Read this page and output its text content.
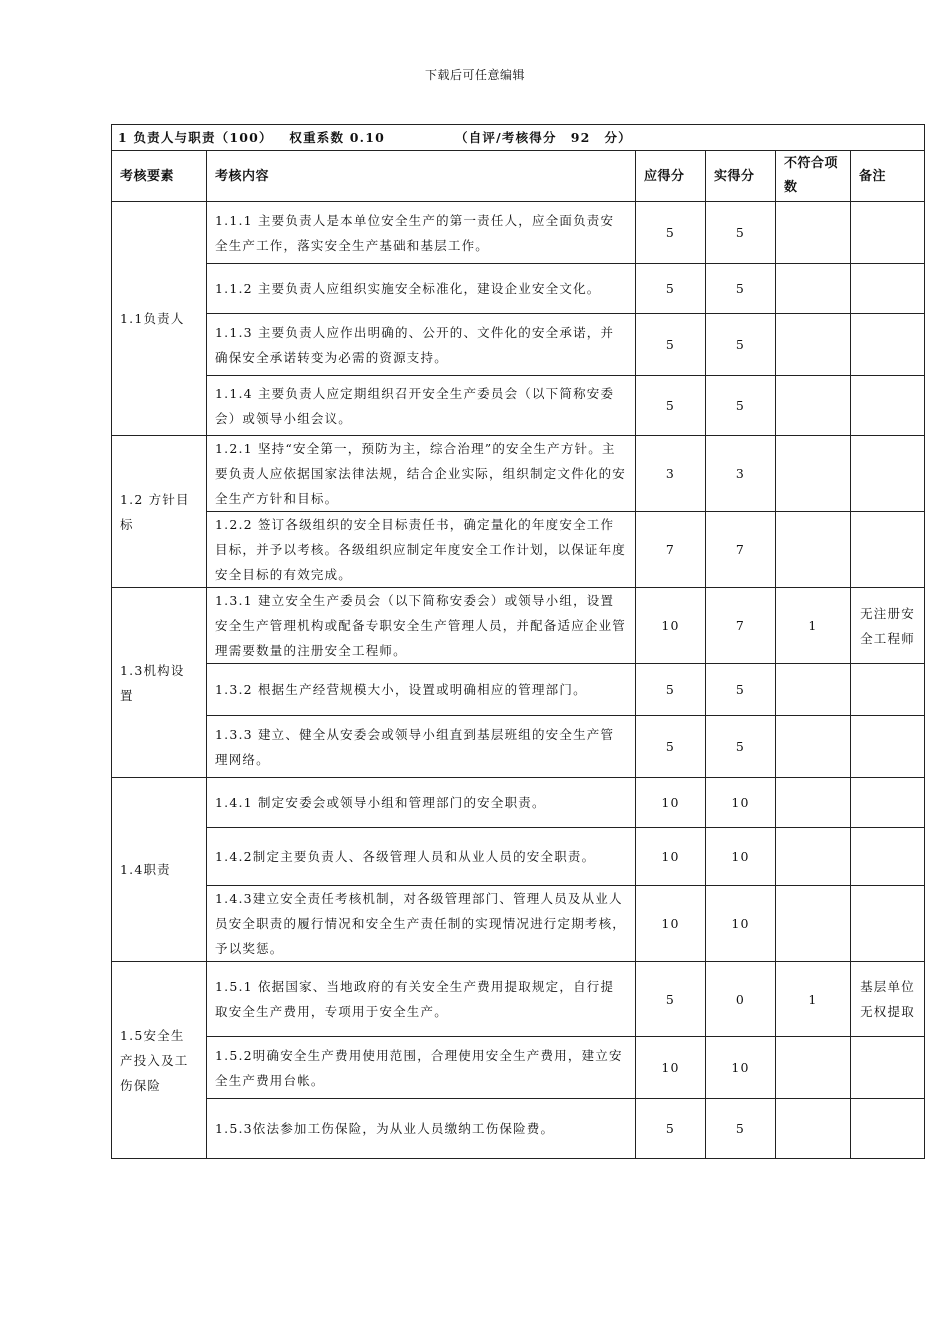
下载后可任意编辑
1 负责人与职责（100） 权重系数 0.10 （自评/考核得分 92 分）					
考核要素	考核内容	应得分	实得分	不符合项数	备注
1.1负责人	1.1.1 主要负责人是本单位安全生产的第一责任人，应全面负责安全生产工作，落实安全生产基础和基层工作。	5	5		
	1.1.2 主要负责人应组织实施安全标准化，建设企业安全文化。	5	5		
	1.1.3 主要负责人应作出明确的、公开的、文件化的安全承诺，并确保安全承诺转变为必需的资源支持。	5	5		
	1.1.4 主要负责人应定期组织召开安全生产委员会（以下简称安委会）或领导小组会议。	5	5		
1.2 方针目标	1.2.1 坚持“安全第一，预防为主，综合治理”的安全生产方针。主要负责人应依据国家法律法规，结合企业实际，组织制定文件化的安全生产方针和目标。	3	3		
	1.2.2 签订各级组织的安全目标责任书，确定量化的年度安全工作目标，并予以考核。各级组织应制定年度安全工作计划，以保证年度安全目标的有效完成。	7	7		
1.3机构设置	1.3.1 建立安全生产委员会（以下简称安委会）或领导小组，设置安全生产管理机构或配备专职安全生产管理人员，并配备适应企业管理需要数量的注册安全工程师。	10	7	1	无注册安全工程师
	1.3.2 根据生产经营规模大小，设置或明确相应的管理部门。	5	5		
	1.3.3 建立、健全从安委会或领导小组直到基层班组的安全生产管理网络。	5	5		
1.4职责	1.4.1 制定安委会或领导小组和管理部门的安全职责。	10	10		
	1.4.2制定主要负责人、各级管理人员和从业人员的安全职责。	10	10		
	1.4.3建立安全责任考核机制，对各级管理部门、管理人员及从业人员安全职责的履行情况和安全生产责任制的实现情况进行定期考核，予以奖惩。	10	10		
1.5安全生产投入及工伤保险	1.5.1 依据国家、当地政府的有关安全生产费用提取规定，自行提取安全生产费用，专项用于安全生产。	5	0	1	基层单位无权提取
	1.5.2明确安全生产费用使用范围，合理使用安全生产费用，建立安全生产费用台帐。	10	10		
	1.5.3依法参加工伤保险，为从业人员缴纳工伤保险费。	5	5		
